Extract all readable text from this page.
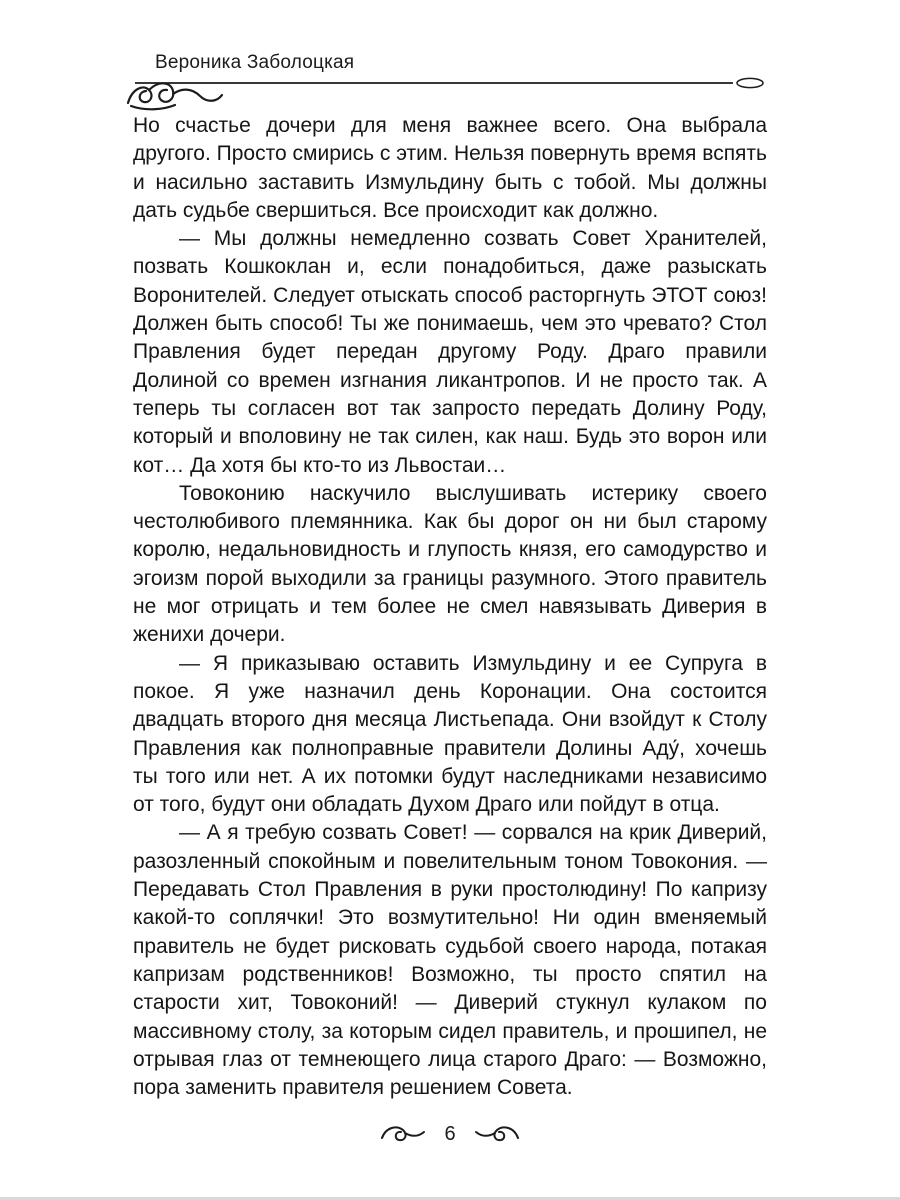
Вероника Заболоцкая

Но счастье дочери для меня важнее всего. Она выбрала другого. Просто смирись с этим. Нельзя повернуть время вспять и насильно заставить Измульдину быть с тобой. Мы должны дать судьбе свершиться. Все происходит как должно.

— Мы должны немедленно созвать Совет Хранителей, позвать Кошкоклан и, если понадобиться, даже разыскать Воронителей. Следует отыскать способ расторгнуть ЭТОТ союз! Должен быть способ! Ты же понимаешь, чем это чревато? Стол Правления будет передан другому Роду. Драго правили Долиной со времен изгнания ликантропов. И не просто так. А теперь ты согласен вот так запросто передать Долину Роду, который и вполовину не так силен, как наш. Будь это ворон или кот… Да хотя бы кто-то из Львостаи…

Товоконию наскучило выслушивать истерику своего честолюбивого племянника. Как бы дорог он ни был старому королю, недальновидность и глупость князя, его самодурство и эгоизм порой выходили за границы разумного. Этого правитель не мог отрицать и тем более не смел навязывать Диверия в женихи дочери.

— Я приказываю оставить Измульдину и ее Супруга в покое. Я уже назначил день Коронации. Она состоится двадцать второго дня месяца Листьепада. Они взойдут к Столу Правления как полноправные правители Долины Аду́, хочешь ты того или нет. А их потомки будут наследниками независимо от того, будут они обладать Духом Драго или пойдут в отца.

— А я требую созвать Совет! — сорвался на крик Диверий, разозленный спокойным и повелительным тоном Товокония. — Передавать Стол Правления в руки простолюдину! По капризу какой-то соплячки! Это возмутительно! Ни один вменяемый правитель не будет рисковать судьбой своего народа, потакая капризам родственников! Возможно, ты просто спятил на старости хит, Товоконий! — Диверий стукнул кулаком по массивному столу, за которым сидел правитель, и прошипел, не отрывая глаз от темнеющего лица старого Драго: — Возможно, пора заменить правителя решением Совета.

6
